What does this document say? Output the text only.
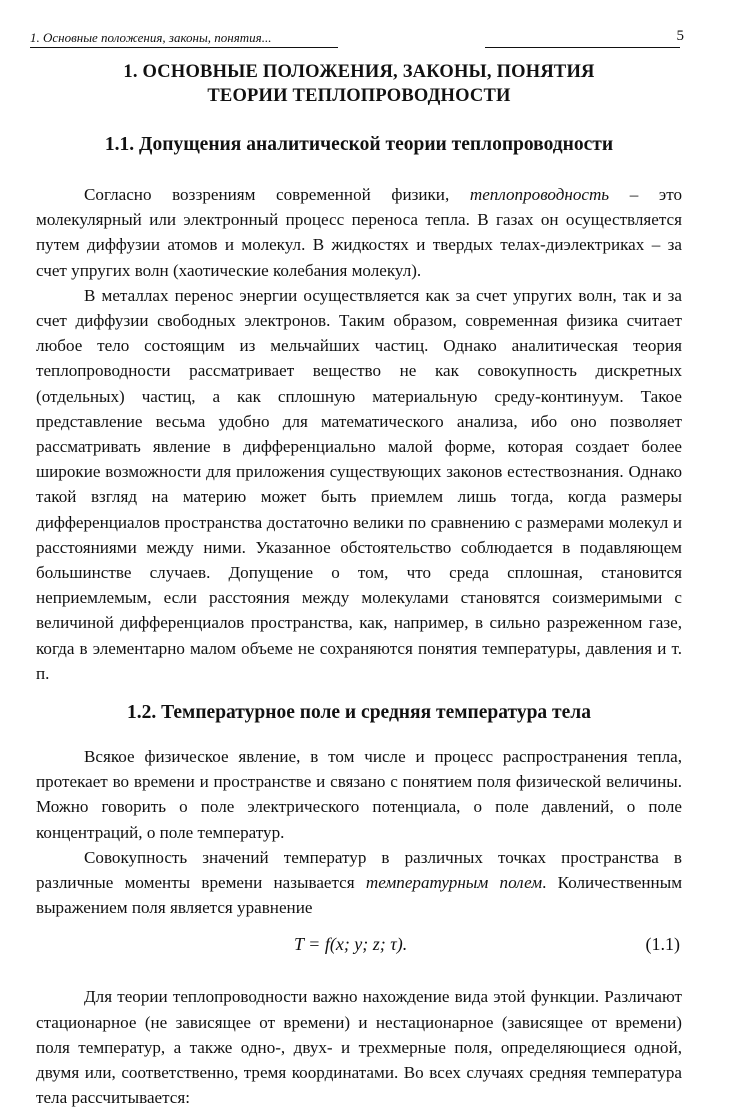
1. Основные положения, законы, понятия...	5
1. ОСНОВНЫЕ ПОЛОЖЕНИЯ, ЗАКОНЫ, ПОНЯТИЯ
ТЕОРИИ ТЕПЛОПРОВОДНОСТИ
1.1. Допущения аналитической теории теплопроводности

Согласно воззрениям современной физики, теплопроводность – это молекулярный или электронный процесс переноса тепла. В газах он осуществляется путем диффузии атомов и молекул. В жидкостях и твердых телах-диэлектриках – за счет упругих волн (хаотические колебания молекул).

В металлах перенос энергии осуществляется как за счет упругих волн, так и за счет диффузии свободных электронов. Таким образом, современная физика считает любое тело состоящим из мельчайших частиц. Однако аналитическая теория теплопроводности рассматривает вещество не как совокупность дискретных (отдельных) частиц, а как сплошную материальную среду-континуум. Такое представление весьма удобно для математического анализа, ибо оно позволяет рассматривать явление в дифференциально малой форме, которая создает более широкие возможности для приложения существующих законов естествознания. Однако такой взгляд на материю может быть приемлем лишь тогда, когда размеры дифференциалов пространства достаточно велики по сравнению с размерами молекул и расстояниями между ними. Указанное обстоятельство соблюдается в подавляющем большинстве случаев. Допущение о том, что среда сплошная, становится неприемлемым, если расстояния между молекулами становятся соизмеримыми с величиной дифференциалов пространства, как, например, в сильно разреженном газе, когда в элементарно малом объеме не сохраняются понятия температуры, давления и т. п.

1.2. Температурное поле и средняя температура тела

Всякое физическое явление, в том числе и процесс распространения тепла, протекает во времени и пространстве и связано с понятием поля физической величины. Можно говорить о поле электрического потенциала, о поле давлений, о поле концентраций, о поле температур.

Совокупность значений температур в различных точках пространства в различные моменты времени называется температурным полем. Количественным выражением поля является уравнение

T = f(x; y; z; τ).	(1.1)

Для теории теплопроводности важно нахождение вида этой функции. Различают стационарное (не зависящее от времени) и нестационарное (зависящее от времени) поля температур, а также одно-, двух- и трехмерные поля, определяющиеся одной, двумя или, соответственно, тремя координатами. Во всех случаях средняя температура тела рассчитывается:
